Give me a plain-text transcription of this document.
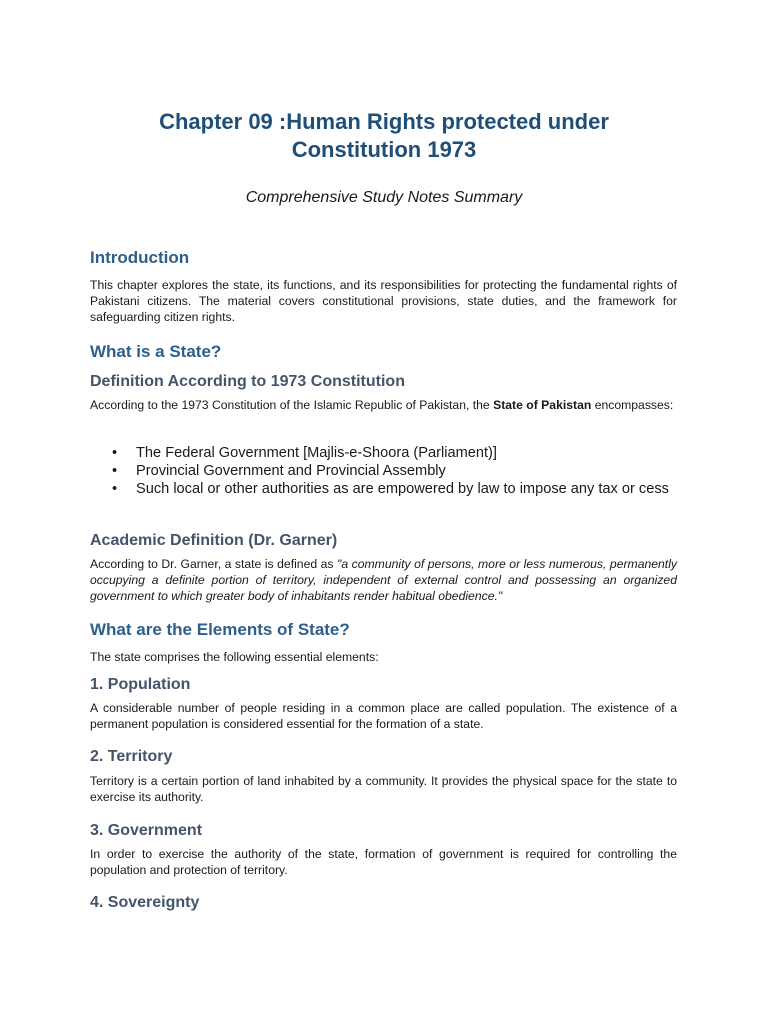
Chapter 09 :Human Rights protected under
Constitution 1973

Comprehensive Study Notes Summary

Introduction

This chapter explores the state, its functions, and its responsibilities for protecting the fundamental rights of Pakistani citizens. The material covers constitutional provisions, state duties, and the framework for safeguarding citizen rights.

What is a State?
Definition According to 1973 Constitution

According to the 1973 Constitution of the Islamic Republic of Pakistan, the State of Pakistan encompasses:

• The Federal Government [Majlis-e-Shoora (Parliament)]
• Provincial Government and Provincial Assembly
• Such local or other authorities as are empowered by law to impose any tax or cess
Academic Definition (Dr. Garner)

According to Dr. Garner, a state is defined as "a community of persons, more or less numerous, permanently occupying a definite portion of territory, independent of external control and possessing an organized government to which greater body of inhabitants render habitual obedience."

What are the Elements of State?

The state comprises the following essential elements:

1. Population

A considerable number of people residing in a common place are called population. The existence of a permanent population is considered essential for the formation of a state.

2. Territory

Territory is a certain portion of land inhabited by a community. It provides the physical space for the state to exercise its authority.

3. Government

In order to exercise the authority of the state, formation of government is required for controlling the population and protection of territory.

4. Sovereignty
